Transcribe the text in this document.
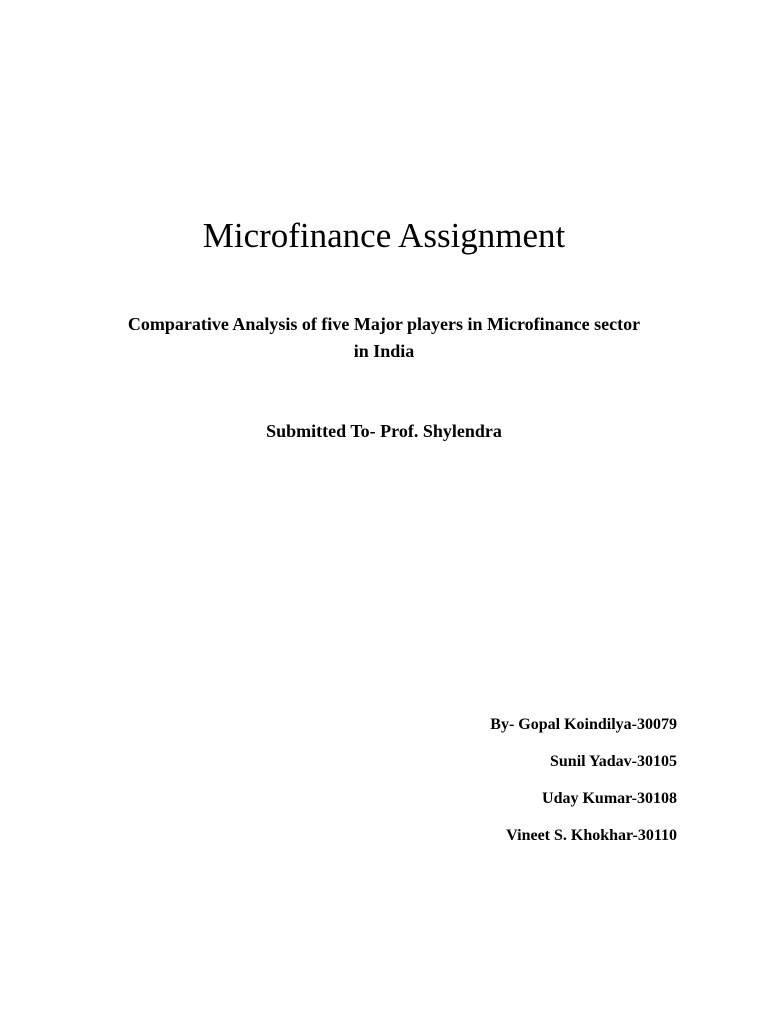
Microfinance Assignment

Comparative Analysis of five Major players in Microfinance sector
in India

Submitted To- Prof. Shylendra

By- Gopal Koindilya-30079
Sunil Yadav-30105
Uday Kumar-30108
Vineet S. Khokhar-30110
